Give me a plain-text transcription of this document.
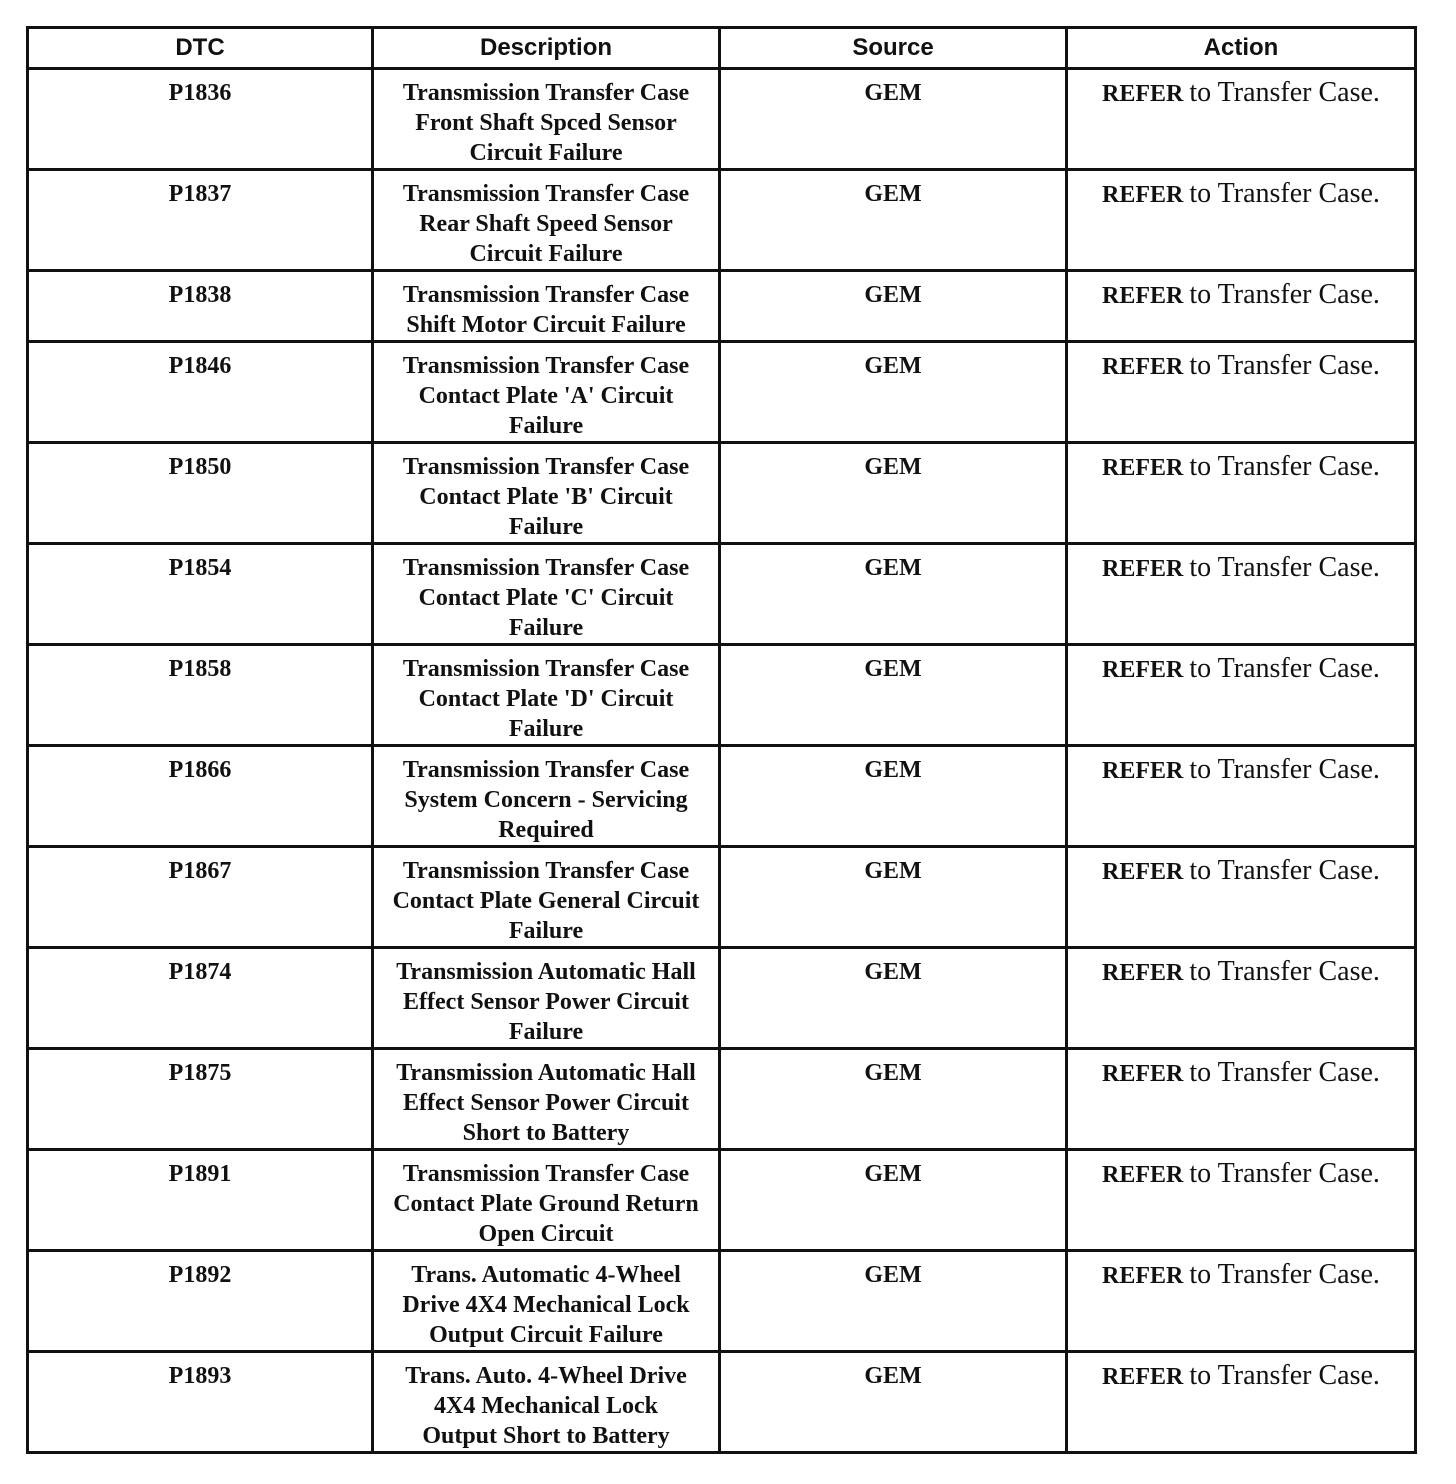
DTC	Description	Source	Action
P1836	Transmission Transfer Case
Front Shaft Spced Sensor
Circuit Failure	GEM	REFER to Transfer Case.
P1837	Transmission Transfer Case
Rear Shaft Speed Sensor
Circuit Failure	GEM	REFER to Transfer Case.
P1838	Transmission Transfer Case
Shift Motor Circuit Failure	GEM	REFER to Transfer Case.
P1846	Transmission Transfer Case
Contact Plate 'A' Circuit
Failure	GEM	REFER to Transfer Case.
P1850	Transmission Transfer Case
Contact Plate 'B' Circuit
Failure	GEM	REFER to Transfer Case.
P1854	Transmission Transfer Case
Contact Plate 'C' Circuit
Failure	GEM	REFER to Transfer Case.
P1858	Transmission Transfer Case
Contact Plate 'D' Circuit
Failure	GEM	REFER to Transfer Case.
P1866	Transmission Transfer Case
System Concern - Servicing
Required	GEM	REFER to Transfer Case.
P1867	Transmission Transfer Case
Contact Plate General Circuit
Failure	GEM	REFER to Transfer Case.
P1874	Transmission Automatic Hall
Effect Sensor Power Circuit
Failure	GEM	REFER to Transfer Case.
P1875	Transmission Automatic Hall
Effect Sensor Power Circuit
Short to Battery	GEM	REFER to Transfer Case.
P1891	Transmission Transfer Case
Contact Plate Ground Return
Open Circuit	GEM	REFER to Transfer Case.
P1892	Trans. Automatic 4-Wheel
Drive 4X4 Mechanical Lock
Output Circuit Failure	GEM	REFER to Transfer Case.
P1893	Trans. Auto. 4-Wheel Drive
4X4 Mechanical Lock
Output Short to Battery	GEM	REFER to Transfer Case.
